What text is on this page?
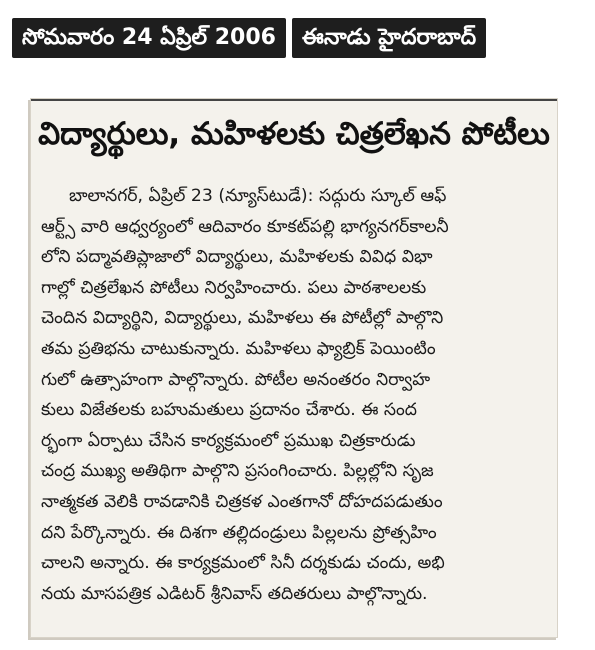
సోమవారం 24 ఏప్రిల్ 2006	ఈనాడు హైదరాబాద్
విద్యార్థులు, మహిళలకు చిత్రలేఖన పోటీలు
బాలానగర్, ఏప్రిల్ 23 (న్యూస్‌టుడే): సద్గురు స్కూల్ ఆఫ్
ఆర్ట్స్ వారి ఆధ్వర్యంలో ఆదివారం కూకట్‌పల్లి భాగ్యనగర్‌కాలనీ
లోని పద్మావతిప్లాజాలో విద్యార్థులు, మహిళలకు వివిధ విభా
గాల్లో చిత్రలేఖన పోటీలు నిర్వహించారు. పలు పాఠశాలలకు
చెందిన విద్యార్థిని, విద్యార్థులు, మహిళలు ఈ పోటీల్లో పాల్గొని
తమ ప్రతిభను చాటుకున్నారు. మహిళలు ఫ్యాబ్రిక్ పెయింటిం
గులో ఉత్సాహంగా పాల్గొన్నారు. పోటీల అనంతరం నిర్వాహ
కులు విజేతలకు బహుమతులు ప్రదానం చేశారు. ఈ సంద
ర్భంగా ఏర్పాటు చేసిన కార్యక్రమంలో ప్రముఖ చిత్రకారుడు
చంద్ర ముఖ్య అతిథిగా పాల్గొని ప్రసంగించారు. పిల్లల్లోని సృజ
నాత్మకత వెలికి రావడానికి చిత్రకళ ఎంతగానో దోహదపడుతుం
దని పేర్కొన్నారు. ఈ దిశగా తల్లిదండ్రులు పిల్లలను ప్రోత్సహిం
చాలని అన్నారు. ఈ కార్యక్రమంలో సినీ దర్శకుడు చందు, అభి
నయ మాసపత్రిక ఎడిటర్ శ్రీనివాస్ తదితరులు పాల్గొన్నారు.
